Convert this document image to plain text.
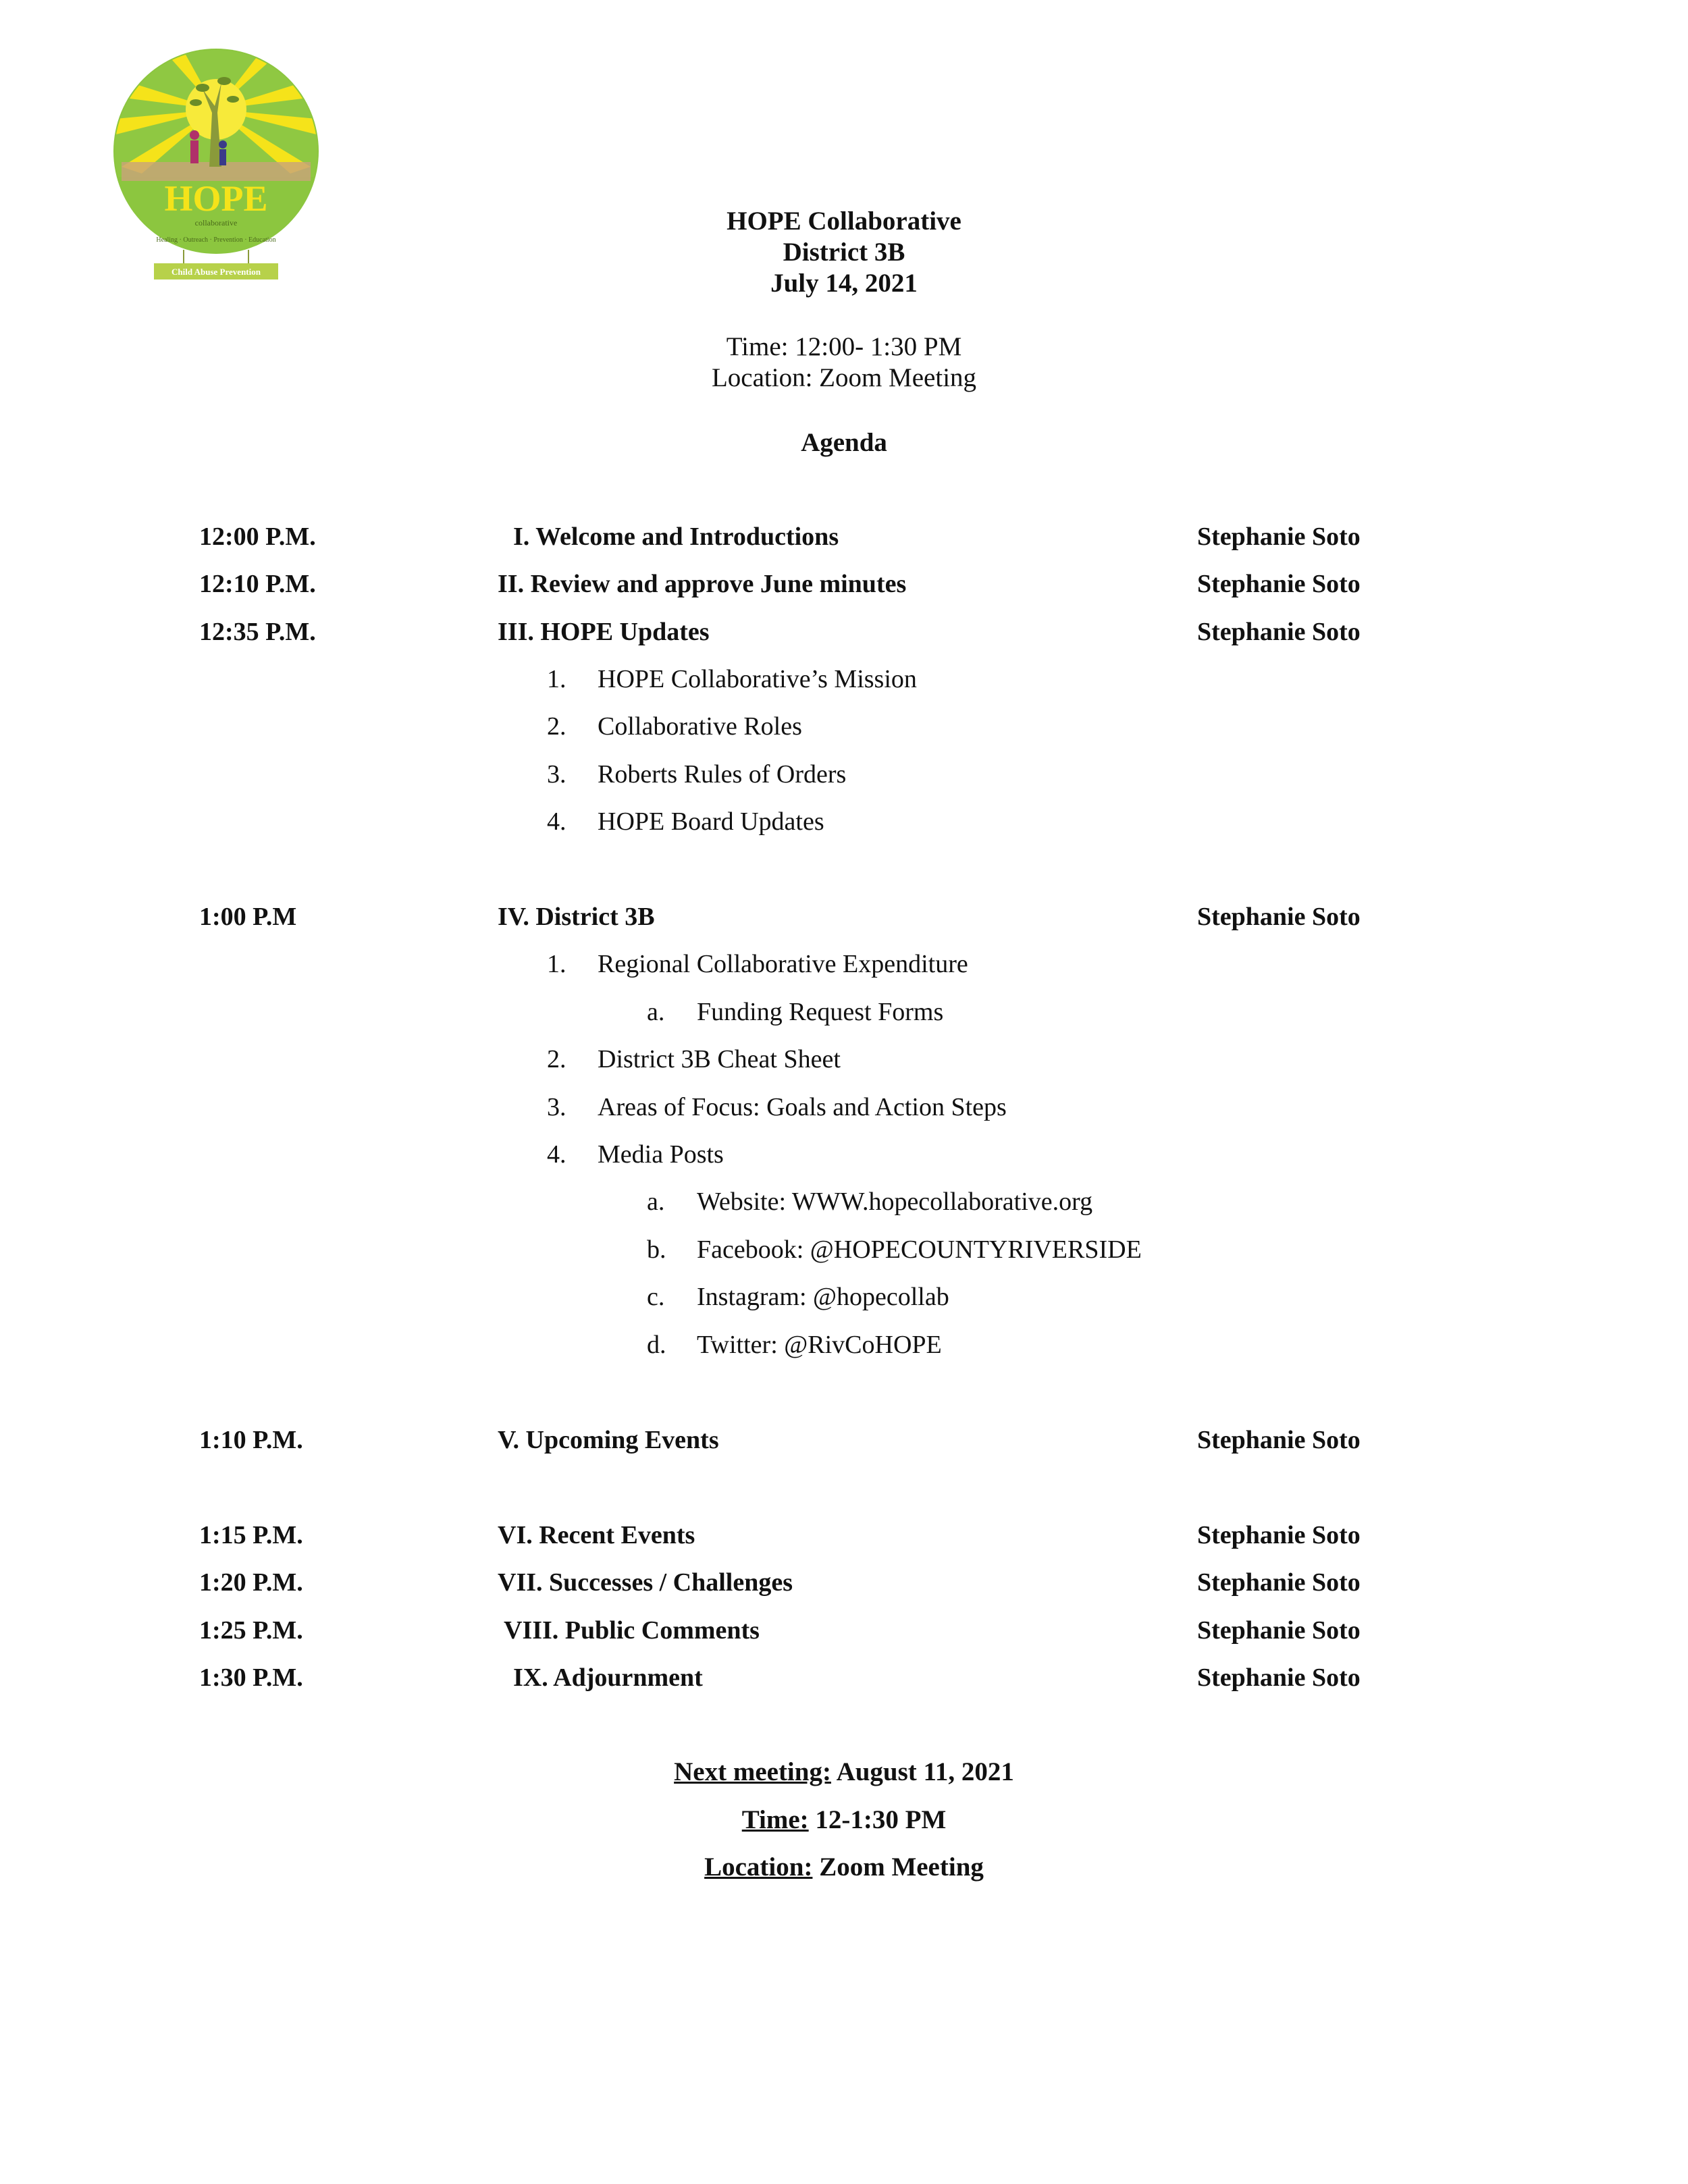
HOPE
collaborative
Healing · Outreach · Prevention · Education
Child Abuse Prevention
HOPE Collaborative
District 3B
July 14, 2021
Time: 12:00- 1:30 PM
Location: Zoom Meeting
Agenda
12:00 P.M.	I. Welcome and Introductions	Stephanie Soto
12:10 P.M.	II. Review and approve June minutes	Stephanie Soto
12:35 P.M.	III. HOPE Updates	Stephanie Soto
1. HOPE Collaborative’s Mission
2. Collaborative Roles
3. Roberts Rules of Orders
4. HOPE Board Updates
1:00 P.M	IV. District 3B	Stephanie Soto
1. Regional Collaborative Expenditure
a. Funding Request Forms
2. District 3B Cheat Sheet
3. Areas of Focus: Goals and Action Steps
4. Media Posts
a. Website: WWW.hopecollaborative.org
b. Facebook: @HOPECOUNTYRIVERSIDE
c. Instagram: @hopecollab
d. Twitter: @RivCoHOPE
1:10 P.M.	V. Upcoming Events	Stephanie Soto
1:15 P.M.	VI. Recent Events	Stephanie Soto
1:20 P.M.	VII. Successes / Challenges	Stephanie Soto
1:25 P.M.	VIII. Public Comments	Stephanie Soto
1:30 P.M.	IX. Adjournment	Stephanie Soto
Next meeting: August 11, 2021
Time: 12-1:30 PM
Location: Zoom Meeting
